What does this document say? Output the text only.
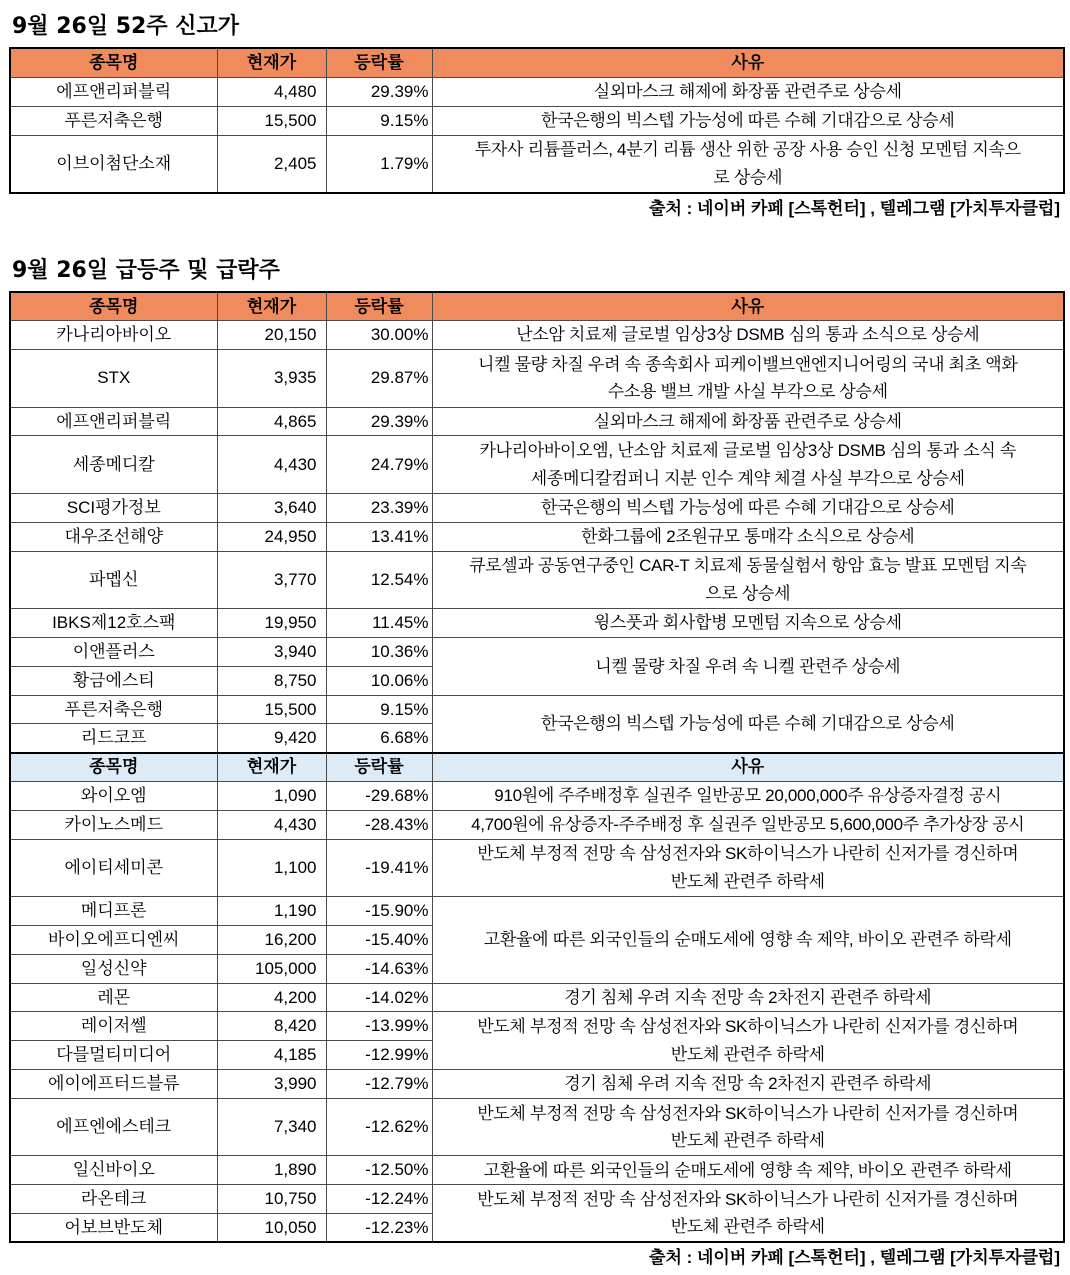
9월 26일 52주 신고가
종목명	현재가	등락률	사유
에프앤리퍼블릭	4,480	29.39%	실외마스크 해제에 화장품 관련주로 상승세

푸른저축은행	15,500	9.15%	한국은행의 빅스텝 가능성에 따른 수혜 기대감으로 상승세

이브이첨단소재	2,405	1.79%	투자사 리튬플러스, 4분기 리튬 생산 위한 공장 사용 승인 신청 모멘텀 지속으
로 상승세
출처 : 네이버 카페 [스톡헌터] , 텔레그램 [가치투자클럽]
9월 26일 급등주 및 급락주
종목명	현재가	등락률	사유
카나리아바이오	20,150	30.00%	난소암 치료제 글로벌 임상3상 DSMB 심의 통과 소식으로 상승세

STX	3,935	29.87%	니켈 물량 차질 우려 속 종속회사 피케이밸브앤엔지니어링의 국내 최초 액화
수소용 밸브 개발 사실 부각으로 상승세

에프앤리퍼블릭	4,865	29.39%	실외마스크 해제에 화장품 관련주로 상승세

세종메디칼	4,430	24.79%	카나리아바이오엠, 난소암 치료제 글로벌 임상3상 DSMB 심의 통과 소식 속
세종메디칼컴퍼니 지분 인수 계약 체결 사실 부각으로 상승세

SCI평가정보	3,640	23.39%	한국은행의 빅스텝 가능성에 따른 수혜 기대감으로 상승세

대우조선해양	24,950	13.41%	한화그룹에 2조원규모 통매각 소식으로 상승세

파멥신	3,770	12.54%	큐로셀과 공동연구중인 CAR-T 치료제 동물실험서 항암 효능 발표 모멘텀 지속
으로 상승세

IBKS제12호스팩	19,950	11.45%	윙스풋과 회사합병 모멘텀 지속으로 상승세

이앤플러스	3,940	10.36%	니켈 물량 차질 우려 속 니켈 관련주 상승세

황금에스티	8,750	10.06%	
푸른저축은행	15,500	9.15%	한국은행의 빅스텝 가능성에 따른 수혜 기대감으로 상승세

리드코프	9,420	6.68%	
종목명	현재가	등락률	사유
와이오엠	1,090	-29.68%	910원에 주주배정후 실권주 일반공모 20,000,000주 유상증자결정 공시

카이노스메드	4,430	-28.43%	4,700원에 유상증자-주주배정 후 실권주 일반공모 5,600,000주 추가상장 공시

에이티세미콘	1,100	-19.41%	반도체 부정적 전망 속 삼성전자와 SK하이닉스가 나란히 신저가를 경신하며
반도체 관련주 하락세

메디프론	1,190	-15.90%	고환율에 따른 외국인들의 순매도세에 영향 속 제약, 바이오 관련주 하락세

바이오에프디엔씨	16,200	-15.40%	
일성신약	105,000	-14.63%	
레몬	4,200	-14.02%	경기 침체 우려 지속 전망 속 2차전지 관련주 하락세

레이저쎌	8,420	-13.99%	반도체 부정적 전망 속 삼성전자와 SK하이닉스가 나란히 신저가를 경신하며
반도체 관련주 하락세

다믈멀티미디어	4,185	-12.99%	
에이에프터드블류	3,990	-12.79%	경기 침체 우려 지속 전망 속 2차전지 관련주 하락세

에프엔에스테크	7,340	-12.62%	반도체 부정적 전망 속 삼성전자와 SK하이닉스가 나란히 신저가를 경신하며
반도체 관련주 하락세

일신바이오	1,890	-12.50%	고환율에 따른 외국인들의 순매도세에 영향 속 제약, 바이오 관련주 하락세

라온테크	10,750	-12.24%	반도체 부정적 전망 속 삼성전자와 SK하이닉스가 나란히 신저가를 경신하며
반도체 관련주 하락세

어보브반도체	10,050	-12.23%	
출처 : 네이버 카페 [스톡헌터] , 텔레그램 [가치투자클럽]
